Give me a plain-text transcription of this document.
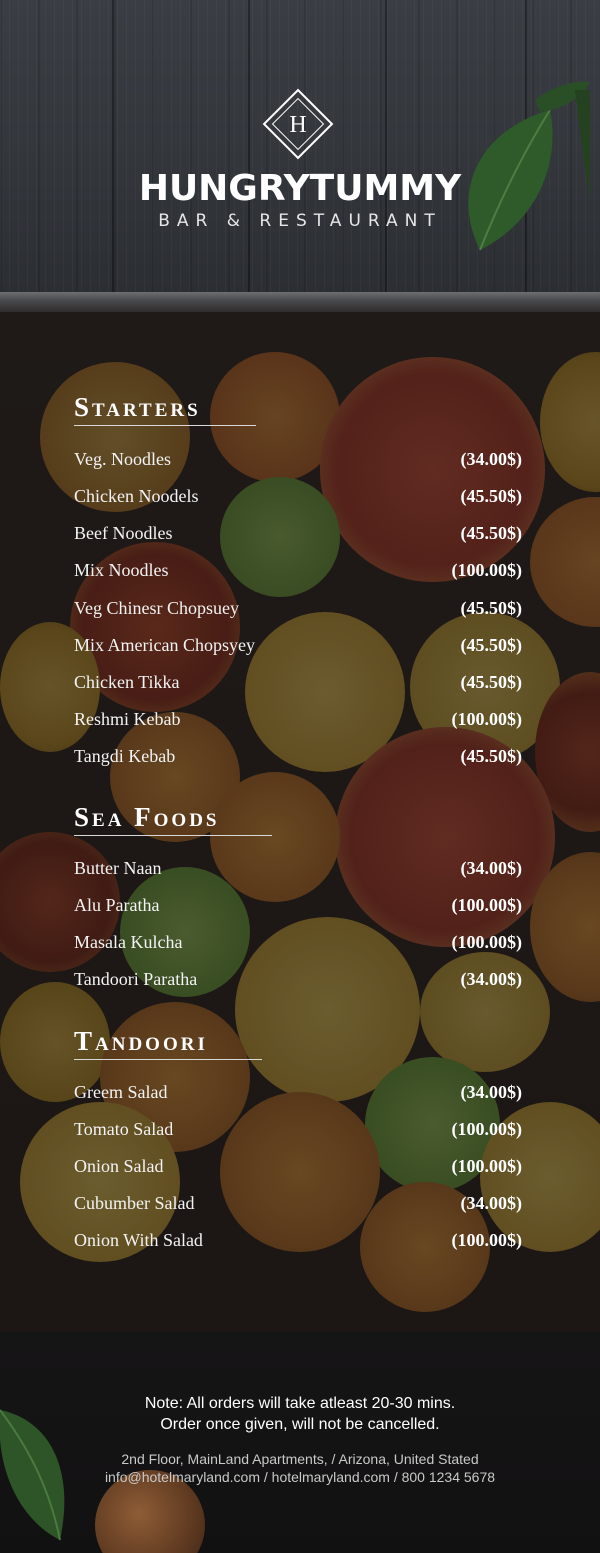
H
HUNGRYTUMMY
BAR & RESTAURANT
Starters
Sea Foods
Tandoori
Veg. Noodles	(34.00$)
Chicken Noodels	(45.50$)
Beef Noodles	(45.50$)
Mix Noodles	(100.00$)
Veg Chinesr Chopsuey	(45.50$)
Mix American Chopsyey	(45.50$)
Chicken Tikka	(45.50$)
Reshmi Kebab	(100.00$)
Tangdi Kebab	(45.50$)
Butter Naan	(34.00$)
Alu Paratha	(100.00$)
Masala Kulcha	(100.00$)
Tandoori Paratha	(34.00$)
Greem Salad	(34.00$)
Tomato Salad	(100.00$)
Onion Salad	(100.00$)
Cubumber Salad	(34.00$)
Onion With Salad	(100.00$)
Note: All orders will take atleast 20-30 mins.
Order once given, will not be cancelled.
2nd Floor, MainLand Apartments, / Arizona, United Stated
info@hotelmaryland.com / hotelmaryland.com / 800 1234 5678
